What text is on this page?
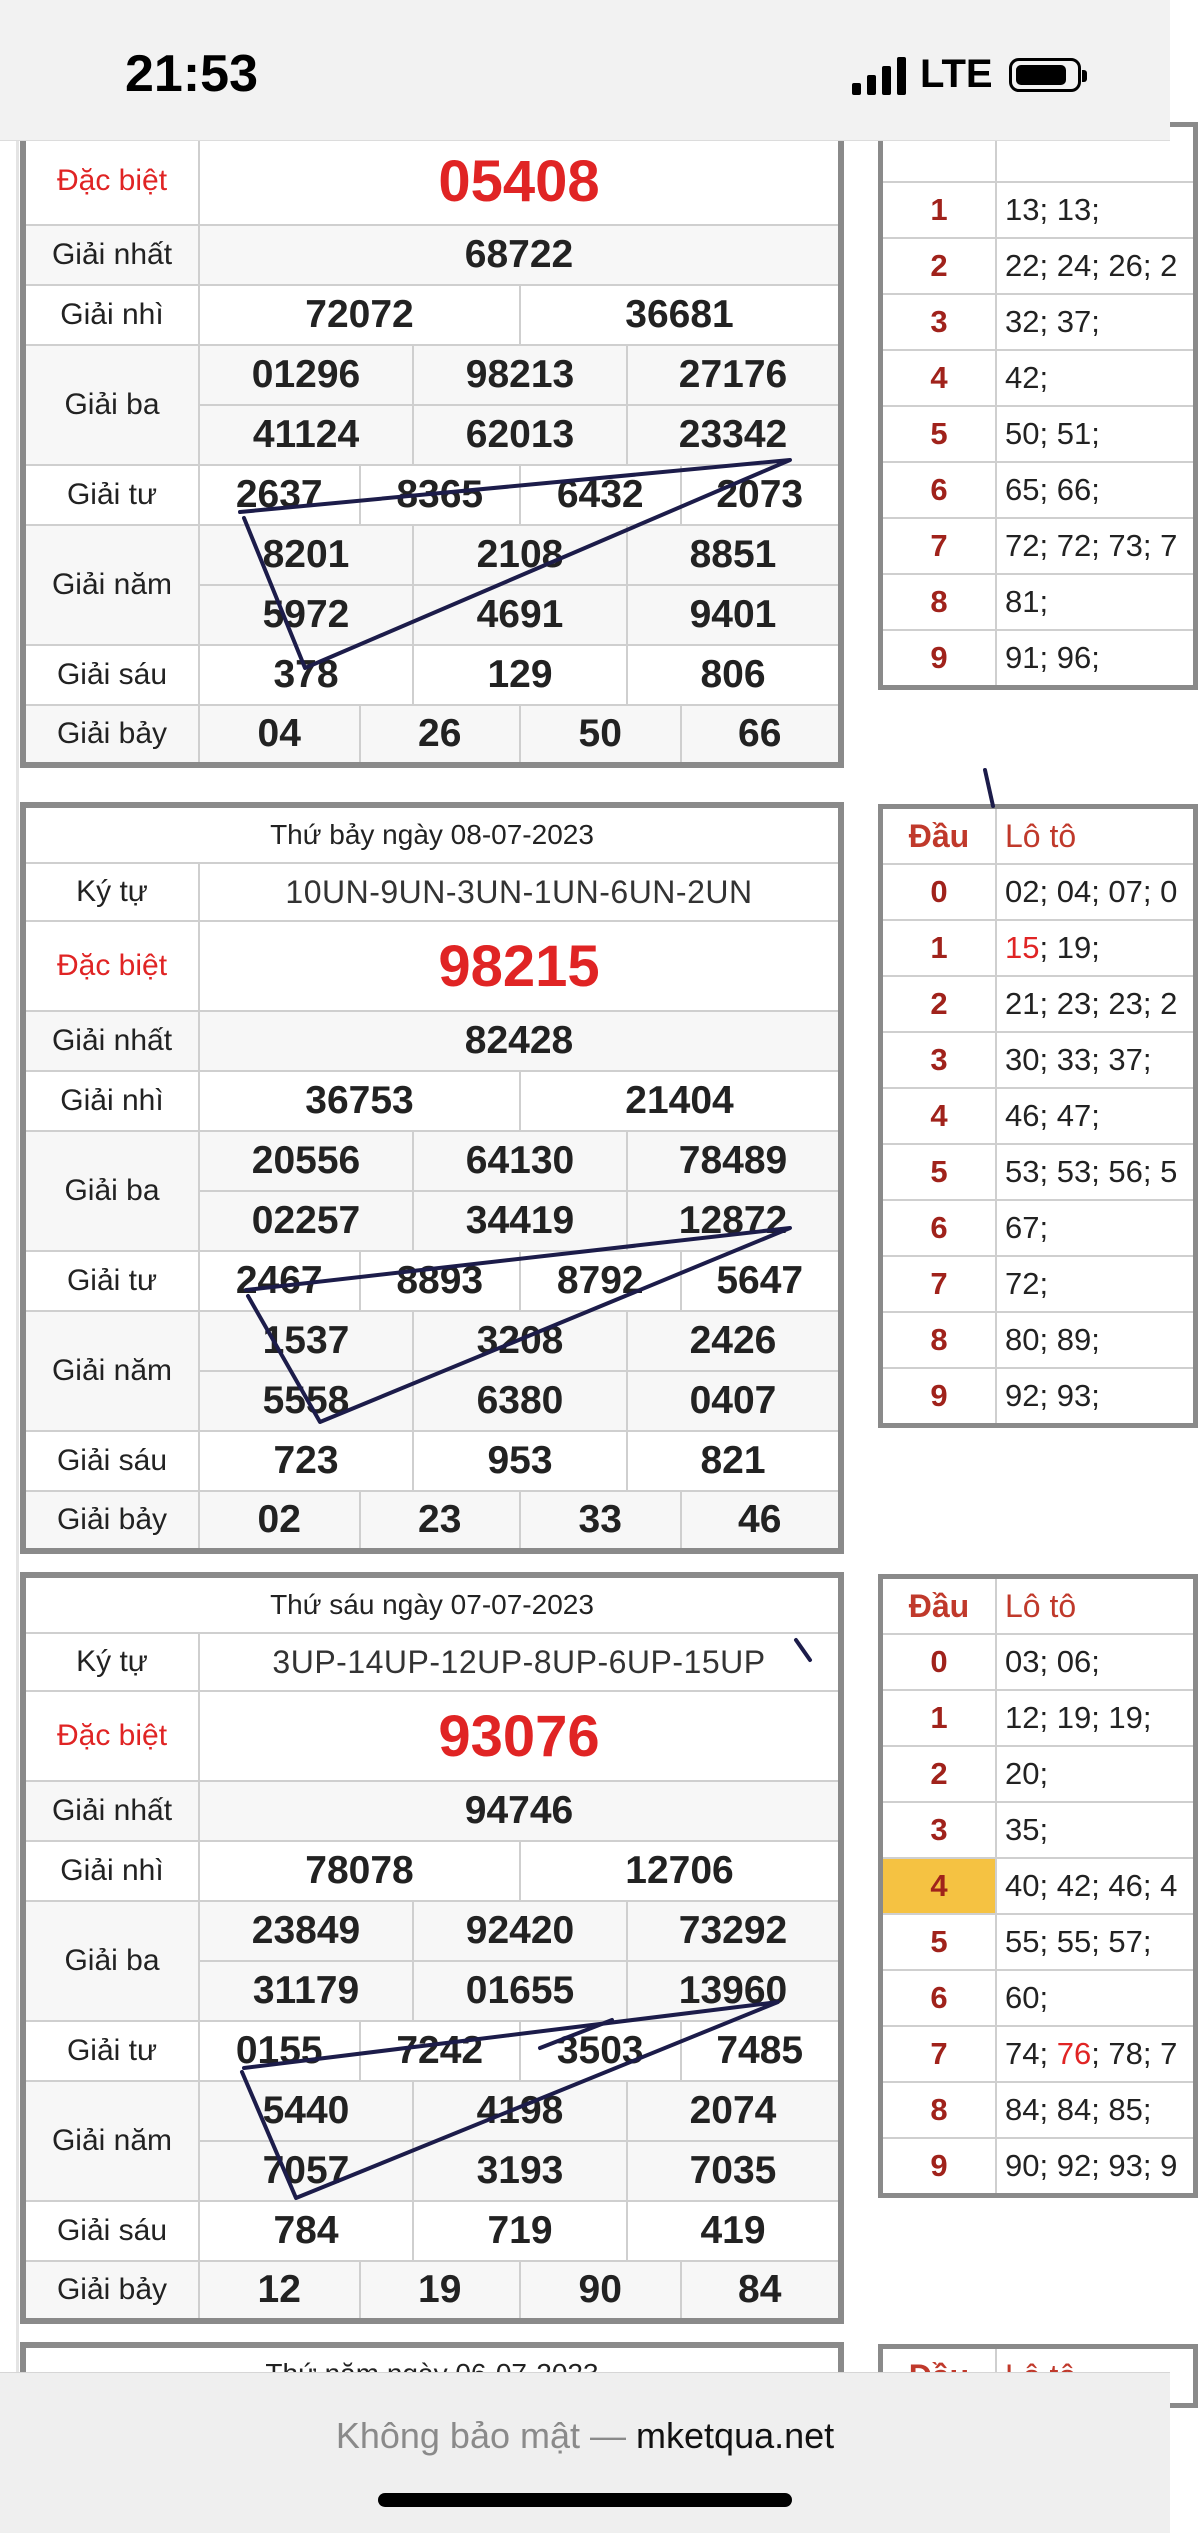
21:53	LTE
Đặc biệt	05408					
Giải nhất	68722					
Giải nhì	72072			36681		
Giải ba	01296		98213		27176	
	41124		62013		23342	
Giải tư	2637	8365		6432		2073
Giải năm	8201		2108		8851	
	5972		4691		9401	
Giải sáu	378		129		806	
Giải bảy	04	26		50		66

1	13; 13;
2	22; 24; 26; 2
3	32; 37;
4	42;
5	50; 51;
6	65; 66;
7	72; 72; 73; 7
8	81;
9	91; 96;
Thứ bảy ngày 08-07-2023						
Ký tự	10UN-9UN-3UN-1UN-6UN-2UN					
Đặc biệt	98215					
Giải nhất	82428					
Giải nhì	36753			21404		
Giải ba	20556		64130		78489	
	02257		34419		12872	
Giải tư	2467	8893		8792		5647
Giải năm	1537		3208		2426	
	5558		6380		0407	
Giải sáu	723		953		821	
Giải bảy	02	23		33		46
Đầu	Lô tô
0	02; 04; 07; 0
1	15; 19;
2	21; 23; 23; 2
3	30; 33; 37;
4	46; 47;
5	53; 53; 56; 5
6	67;
7	72;
8	80; 89;
9	92; 93;
Thứ sáu ngày 07-07-2023						
Ký tự	3UP-14UP-12UP-8UP-6UP-15UP					
Đặc biệt	93076					
Giải nhất	94746					
Giải nhì	78078			12706		
Giải ba	23849		92420		73292	
	31179		01655		13960	
Giải tư	0155	7242		3503		7485
Giải năm	5440		4198		2074	
	7057		3193		7035	
Giải sáu	784		719		419	
Giải bảy	12	19		90		84
Đầu	Lô tô
0	03; 06;
1	12; 19; 19;
2	20;
3	35;
4	40; 42; 46; 4
5	55; 55; 57;
6	60;
7	74; 76; 78; 7
8	84; 84; 85;
9	90; 92; 93; 9

Không bảo mật — mketqua.net
